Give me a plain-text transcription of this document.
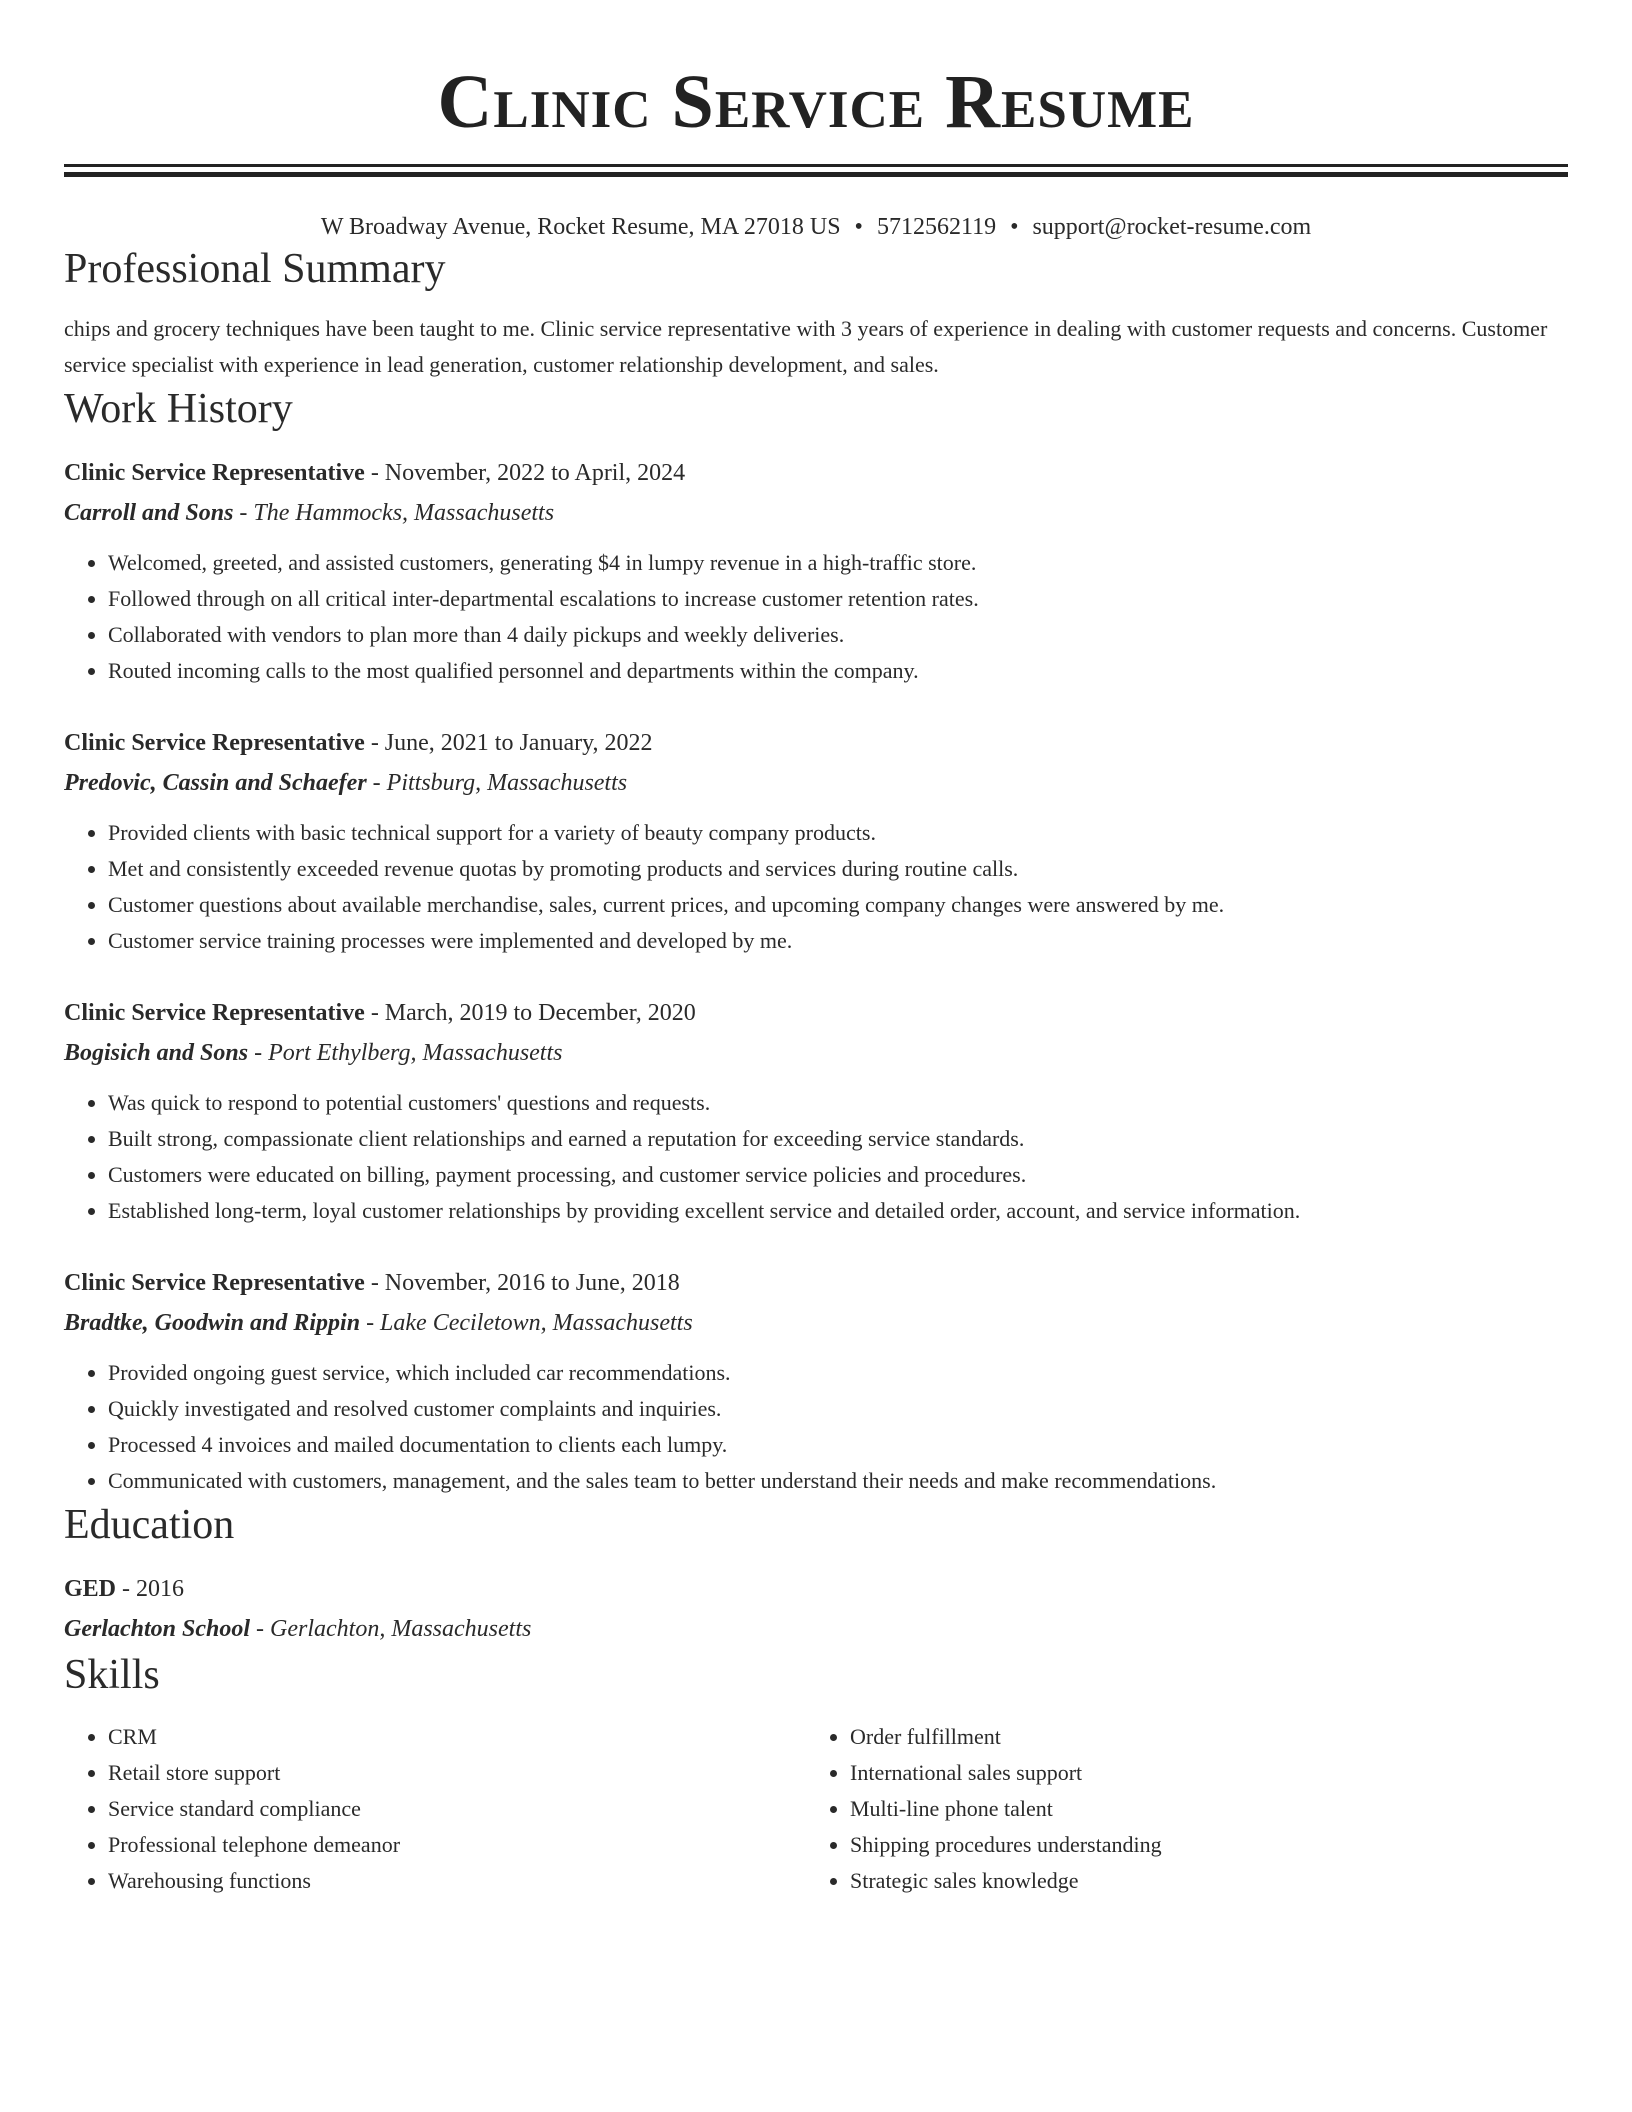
Clinic Service Resume
W Broadway Avenue, Rocket Resume, MA 27018 US • 5712562119 • support@rocket-resume.com
Professional Summary
chips and grocery techniques have been taught to me. Clinic service representative with 3 years of experience in dealing with customer requests and concerns. Customer service specialist with experience in lead generation, customer relationship development, and sales.
Work History
Clinic Service Representative - November, 2022 to April, 2024
Carroll and Sons - The Hammocks, Massachusetts
• Welcomed, greeted, and assisted customers, generating $4 in lumpy revenue in a high-traffic store.
• Followed through on all critical inter-departmental escalations to increase customer retention rates.
• Collaborated with vendors to plan more than 4 daily pickups and weekly deliveries.
• Routed incoming calls to the most qualified personnel and departments within the company.
Clinic Service Representative - June, 2021 to January, 2022
Predovic, Cassin and Schaefer - Pittsburg, Massachusetts
• Provided clients with basic technical support for a variety of beauty company products.
• Met and consistently exceeded revenue quotas by promoting products and services during routine calls.
• Customer questions about available merchandise, sales, current prices, and upcoming company changes were answered by me.
• Customer service training processes were implemented and developed by me.
Clinic Service Representative - March, 2019 to December, 2020
Bogisich and Sons - Port Ethylberg, Massachusetts
• Was quick to respond to potential customers' questions and requests.
• Built strong, compassionate client relationships and earned a reputation for exceeding service standards.
• Customers were educated on billing, payment processing, and customer service policies and procedures.
• Established long-term, loyal customer relationships by providing excellent service and detailed order, account, and service information.
Clinic Service Representative - November, 2016 to June, 2018
Bradtke, Goodwin and Rippin - Lake Ceciletown, Massachusetts
• Provided ongoing guest service, which included car recommendations.
• Quickly investigated and resolved customer complaints and inquiries.
• Processed 4 invoices and mailed documentation to clients each lumpy.
• Communicated with customers, management, and the sales team to better understand their needs and make recommendations.
Education
GED - 2016
Gerlachton School - Gerlachton, Massachusetts
Skills
• CRM
• Retail store support
• Service standard compliance
• Professional telephone demeanor
• Warehousing functions
• Order fulfillment
• International sales support
• Multi-line phone talent
• Shipping procedures understanding
• Strategic sales knowledge
